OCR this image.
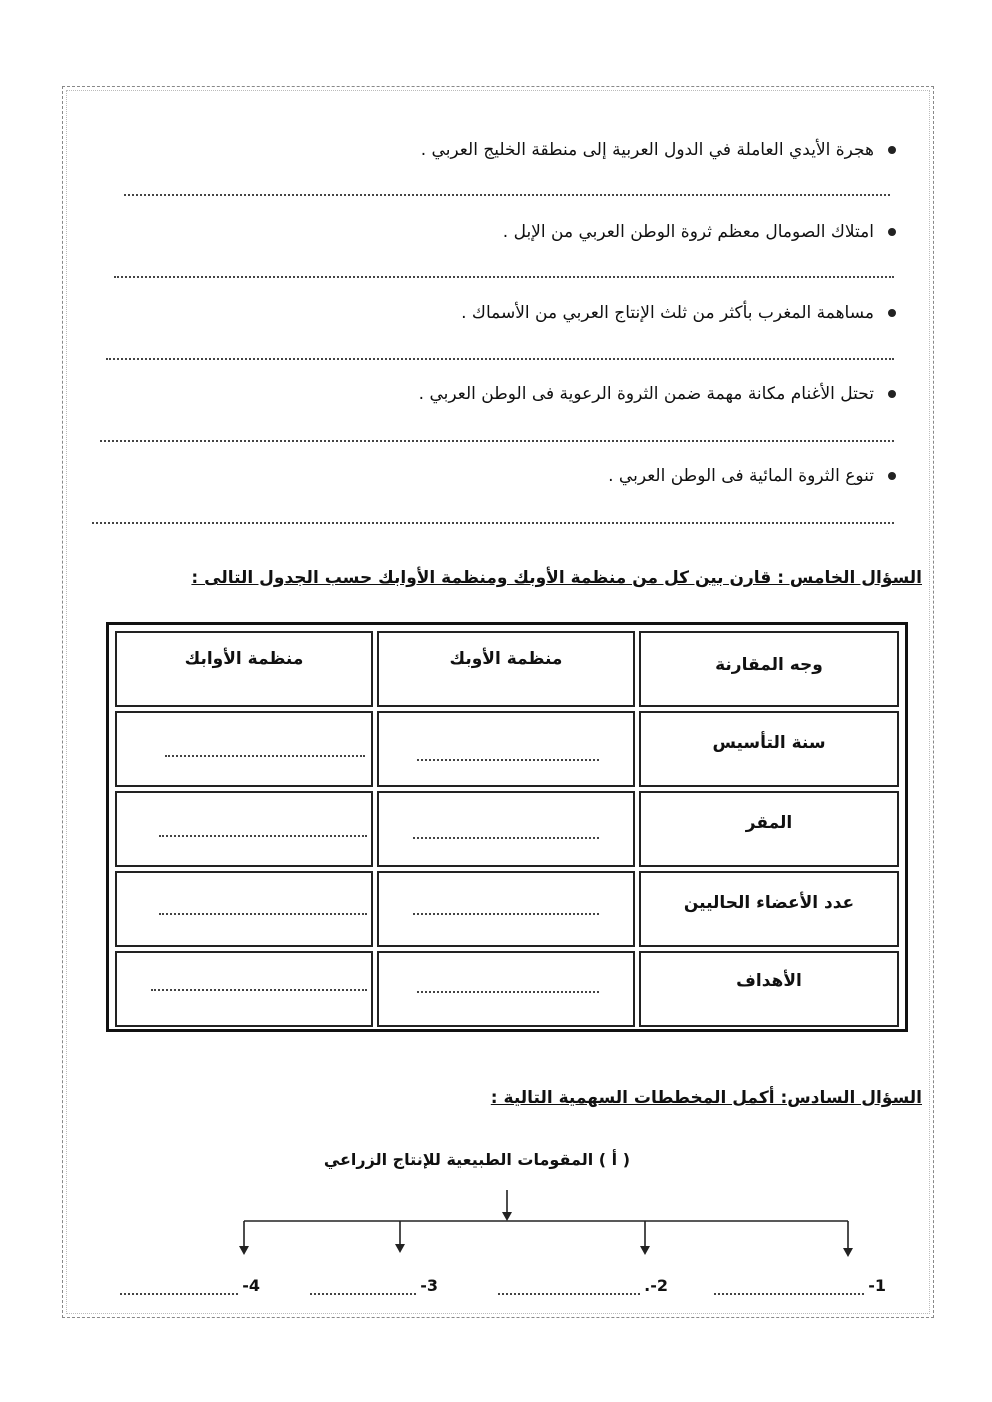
هجرة الأيدي العاملة في الدول العربية إلى منطقة الخليج العربي .
امتلاك الصومال معظم ثروة الوطن العربي من الإبل .
مساهمة المغرب بأكثر من ثلث الإنتاج العربي من الأسماك .
تحتل الأغنام مكانة مهمة ضمن الثروة الرعوية فى الوطن العربي .
تنوع الثروة المائية فى الوطن العربي .
السؤال الخامس : قارن بين كل من منظمة الأوبك ومنظمة الأوابك حسب الجدول التالى :
وجه المقارنة
منظمة الأوبك
منظمة الأوابك
سنة التأسيس
المقر
عدد الأعضاء الحاليين
الأهداف
السؤال السادس: أكمل المخططات السهمية التالية :
( أ ) المقومات الطبيعية للإنتاج الزراعي
1-
2-.
3-
4-
